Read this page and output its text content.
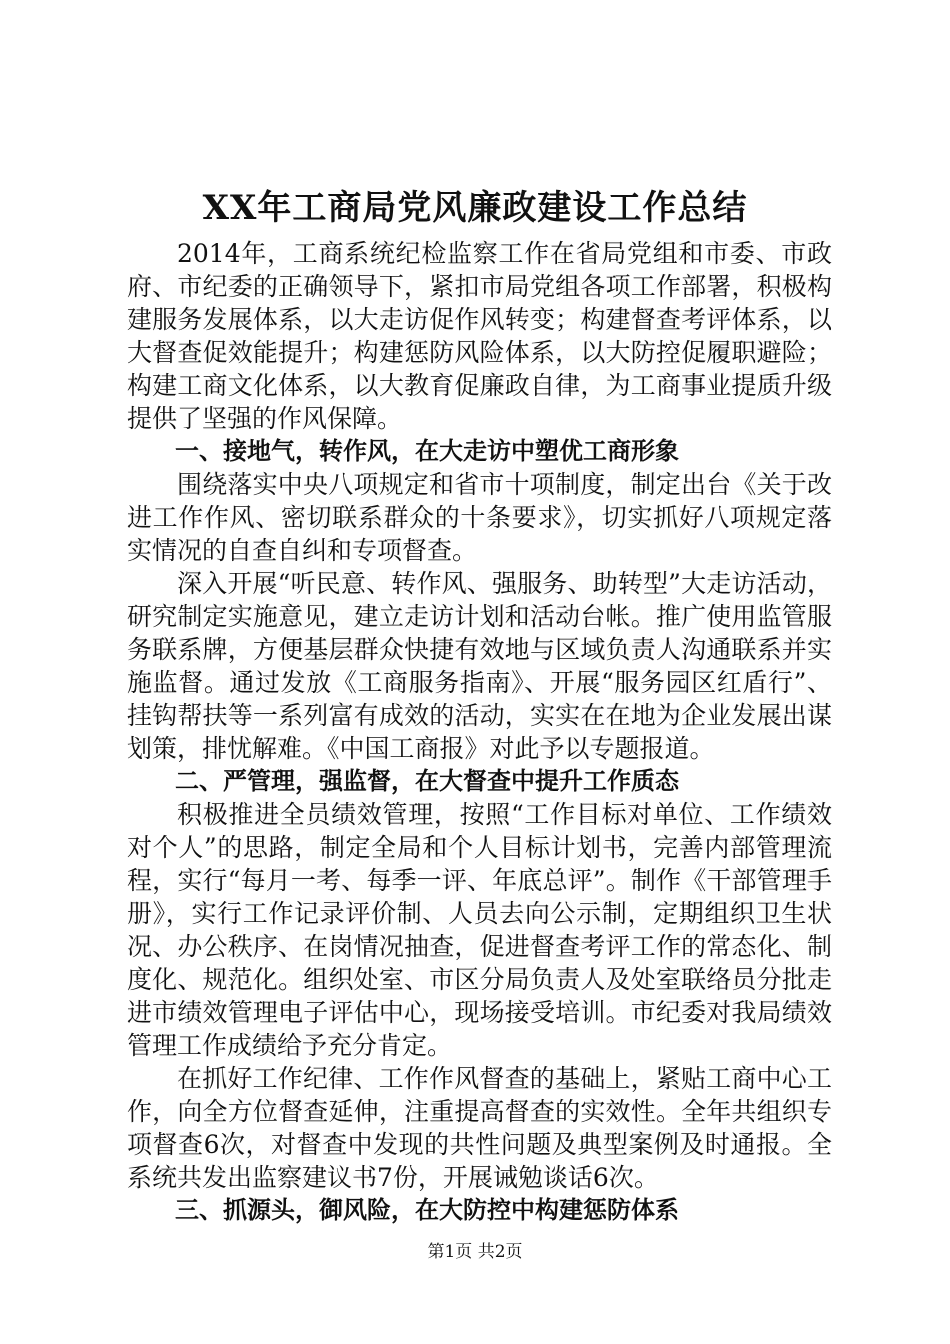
XX年工商局党风廉政建设工作总结

2014年，工商系统纪检监察工作在省局党组和市委、市政府、市纪委的正确领导下，紧扣市局党组各项工作部署，积极构建服务发展体系，以大走访促作风转变；构建督查考评体系，以大督查促效能提升；构建惩防风险体系，以大防控促履职避险；构建工商文化体系，以大教育促廉政自律，为工商事业提质升级提供了坚强的作风保障。

一、接地气，转作风，在大走访中塑优工商形象

围绕落实中央八项规定和省市十项制度，制定出台《关于改进工作作风、密切联系群众的十条要求》，切实抓好八项规定落实情况的自查自纠和专项督查。

深入开展“听民意、转作风、强服务、助转型”大走访活动，研究制定实施意见，建立走访计划和活动台帐。推广使用监管服务联系牌，方便基层群众快捷有效地与区域负责人沟通联系并实施监督。通过发放《工商服务指南》、开展“服务园区红盾行”、挂钩帮扶等一系列富有成效的活动，实实在在地为企业发展出谋划策，排忧解难。《中国工商报》对此予以专题报道。

二、严管理，强监督，在大督查中提升工作质态

积极推进全员绩效管理，按照“工作目标对单位、工作绩效对个人”的思路，制定全局和个人目标计划书，完善内部管理流程，实行“每月一考、每季一评、年底总评”。制作《干部管理手册》，实行工作记录评价制、人员去向公示制，定期组织卫生状况、办公秩序、在岗情况抽查，促进督查考评工作的常态化、制度化、规范化。组织处室、市区分局负责人及处室联络员分批走进市绩效管理电子评估中心，现场接受培训。市纪委对我局绩效管理工作成绩给予充分肯定。

在抓好工作纪律、工作作风督查的基础上，紧贴工商中心工作，向全方位督查延伸，注重提高督查的实效性。全年共组织专项督查6次，对督查中发现的共性问题及典型案例及时通报。全系统共发出监察建议书7份，开展诫勉谈话6次。

三、抓源头，御风险，在大防控中构建惩防体系

第1页 共2页
